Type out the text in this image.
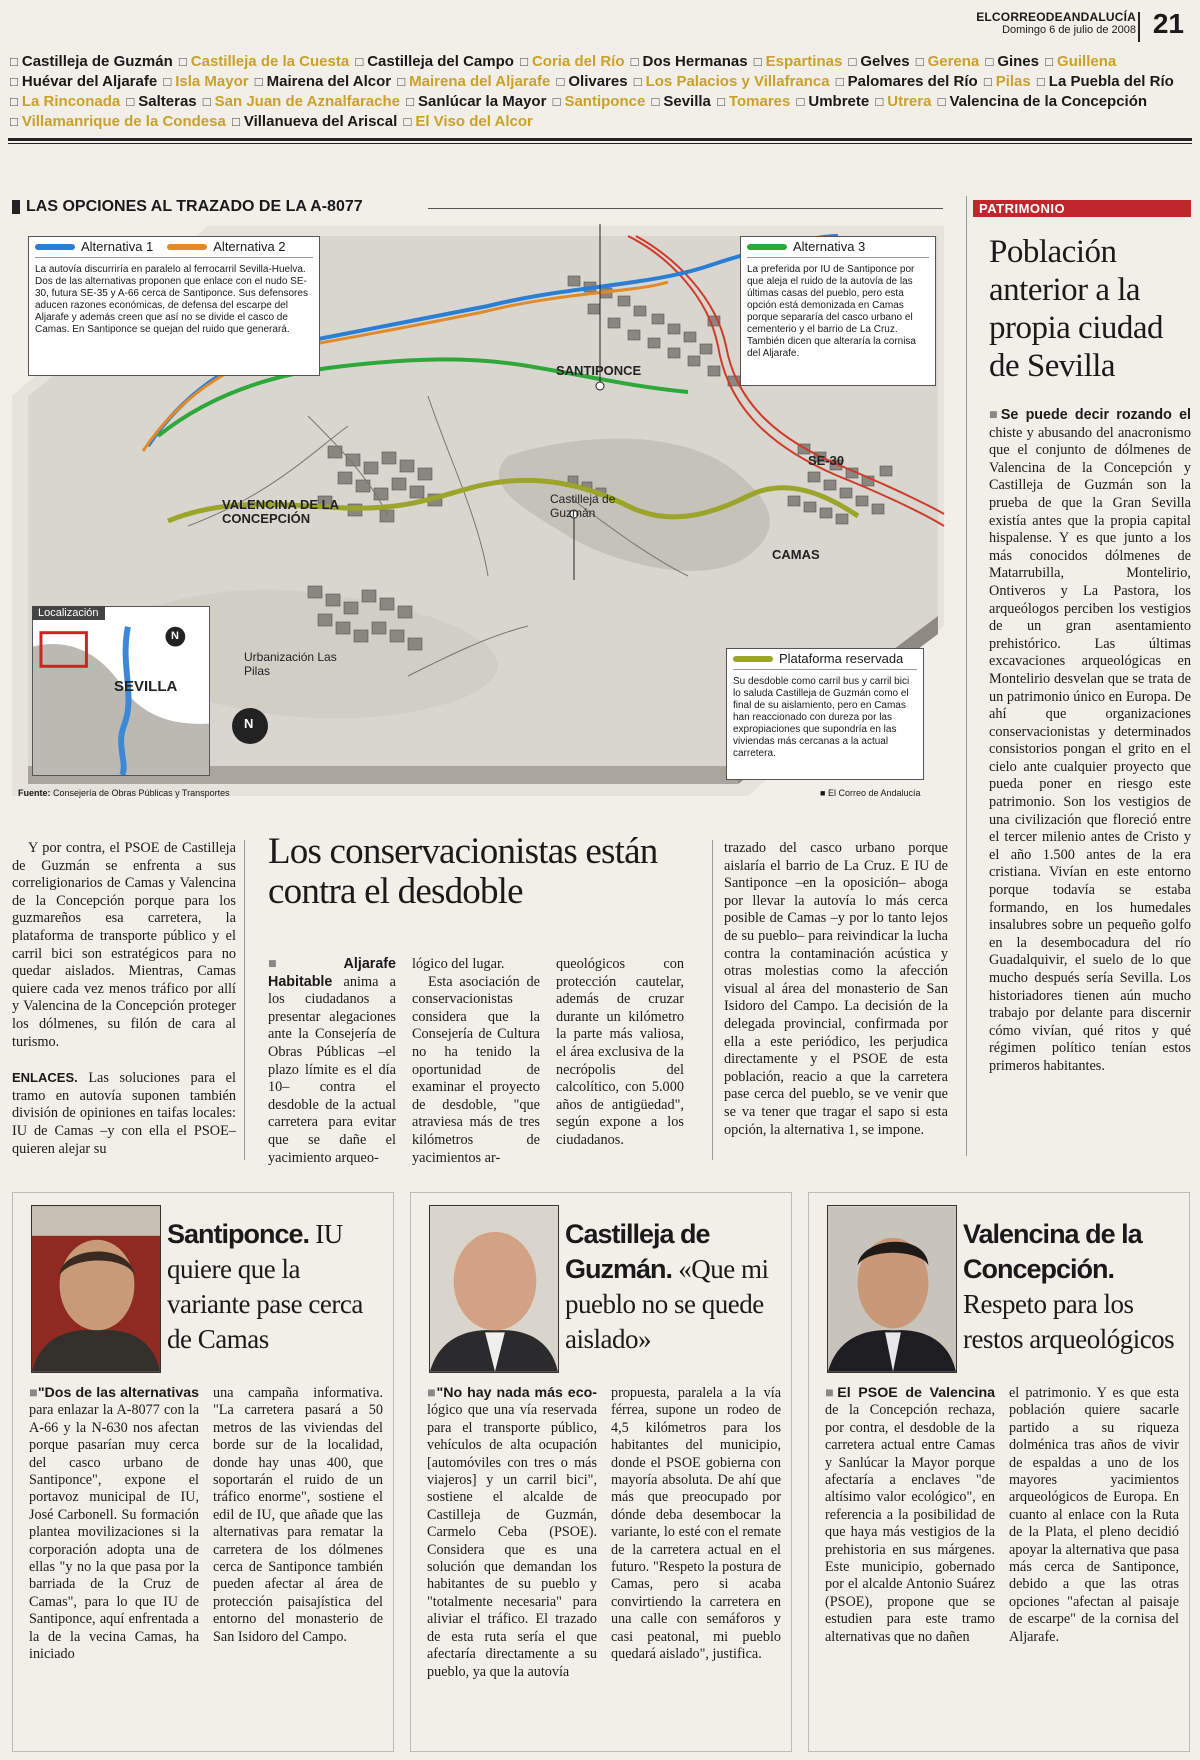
ELCORREODEANDALUCÍA
Domingo 6 de julio de 2008 21
□ Castilleja de Guzmán □ Castilleja de la Cuesta □ Castilleja del Campo □ Coria del Río □ Dos Hermanas □ Espartinas □ Gelves □ Gerena □ Gines □ Guillena □ Huévar del Aljarafe □ Isla Mayor □ Mairena del Alcor □ Mairena del Aljarafe □ Olivares □ Los Palacios y Villafranca □ Palomares del Río □ Pilas □ La Puebla del Río □ La Rinconada □ Salteras □ San Juan de Aznalfarache □ Sanlúcar la Mayor □ Santiponce □ Sevilla □ Tomares □ Umbrete □ Utrera □ Valencina de la Concepción □ Villamanrique de la Condesa □ Villanueva del Ariscal □ El Viso del Alcor
LAS OPCIONES AL TRAZADO DE LA A-8077
Alternativa 1	Alternativa 2
La autovía discurriría en paralelo al ferrocarril Sevilla-Huelva. Dos de las alternativas proponen que enlace con el nudo SE-30, futura SE-35 y A-66 cerca de Santiponce. Sus defensores aducen razones económicas, de defensa del escarpe del Aljarafe y además creen que así no se divide el casco de Camas. En Santiponce se quejan del ruido que generará.
Alternativa 3
La preferida por IU de Santiponce por que aleja el ruido de la autovía de las últimas casas del pueblo, pero esta opción está demonizada en Camas porque separaría del casco urbano el cementerio y el barrio de La Cruz. También dicen que alteraría la cornisa del Aljarafe.
Plataforma reservada
Su desdoble como carril bus y carril bici lo saluda Castilleja de Guzmán como el final de su aislamiento, pero en Camas han reaccionado con dureza por las expropiaciones que supondría en las viviendas más cercanas a la actual carretera.
SANTIPONCE
VALENCINA DE LA CONCEPCIÓN
Castilleja de Guzmán
CAMAS
SE-30
Urbanización Las Pilas
Localización
SEVILLA
N
N
Fuente: Consejería de Obras Públicas y Transportes	■ El Correo de Andalucía
PATRIMONIO
Población anterior a la propia ciudad de Sevilla
■ Se puede decir rozando el chiste y abusando del anacronismo que el conjunto de dólmenes de Valencina de la Concepción y Castilleja de Guzmán son la prueba de que la Gran Sevilla existía antes que la propia capital hispalense. Y es que junto a los más conocidos dólmenes de Matarrubilla, Montelirio, Ontiveros y La Pastora, los arqueólogos perciben los vestigios de un gran asentamiento prehistórico. Las últimas excavaciones arqueológicas en Montelirio desvelan que se trata de un patrimonio único en Europa. De ahí que organizaciones conservacionistas y determinados consistorios pongan el grito en el cielo ante cualquier proyecto que pueda poner en riesgo este patrimonio. Son los vestigios de una civilización que floreció entre el tercer milenio antes de Cristo y el año 1.500 antes de la era cristiana. Vivían en este entorno porque todavía se estaba formando, en los humedales insalubres sobre un pequeño golfo en la desembocadura del río Guadalquivir, el suelo de lo que mucho después sería Sevilla. Los historiadores tienen aún mucho trabajo por delante para discernir cómo vivían, qué ritos y qué régimen político tenían estos primeros habitantes.

Y por contra, el PSOE de Castilleja de Guzmán se enfrenta a sus correligionarios de Camas y Valencina de la Concepción porque para los guzmareños esa carretera, la plataforma de transporte público y el carril bici son estratégicos para no quedar aislados. Mientras, Camas quiere cada vez menos tráfico por allí y Valencina de la Concepción proteger los dólmenes, su filón de cara al turismo.

ENLACES. Las soluciones para el tramo en autovía suponen también división de opiniones en taifas locales: IU de Camas –y con ella el PSOE– quieren alejar su

Los conservacionistas están contra el desdoble

■ Aljarafe Habitable anima a los ciudadanos a presentar alegaciones ante la Consejería de Obras Públicas –el plazo límite es el día 10– contra el desdoble de la actual carretera para evitar que se dañe el yacimiento arqueo-

lógico del lugar.

Esta asociación de conservacionistas considera que la Consejería de Cultura no ha tenido la oportunidad de examinar el proyecto de desdoble, "que atraviesa más de tres kilómetros de yacimientos ar-

queológicos con protección cautelar, además de cruzar durante un kilómetro la parte más valiosa, el área exclusiva de la necrópolis del calcolítico, con 5.000 años de antigüedad", según expone a los ciudadanos.

trazado del casco urbano porque aislaría el barrio de La Cruz. E IU de Santiponce –en la oposición– aboga por llevar la autovía lo más cerca posible de Camas –y por lo tanto lejos de su pueblo– para reivindicar la lucha contra la contaminación acústica y otras molestias como la afección visual al área del monasterio de San Isidoro del Campo. La decisión de la delegada provincial, confirmada por ella a este periódico, les perjudica directamente y el PSOE de esta población, reacio a que la carretera pase cerca del pueblo, se ve venir que se va tener que tragar el sapo si esta opción, la alternativa 1, se impone.

Santiponce. IU quiere que la variante pase cerca de Camas
■ "Dos de las alternativas para enlazar la A-8077 con la A-66 y la N-630 nos afectan porque pasarían muy cerca del casco urbano de Santiponce", expone el portavoz municipal de IU, José Carbonell. Su formación plantea movilizaciones si la corporación adopta una de ellas "y no la que pasa por la barriada de la Cruz de Camas", para lo que IU de Santiponce, aquí enfrentada a la de la vecina Camas, ha iniciado
una campaña informativa. "La carretera pasará a 50 metros de las viviendas del borde sur de la localidad, donde hay unas 400, que soportarán el ruido de un tráfico enorme", sostiene el edil de IU, que añade que las alternativas para rematar la carretera de los dólmenes cerca de Santiponce también pueden afectar al área de protección paisajística del entorno del monasterio de San Isidoro del Campo.
Castilleja de Guzmán. «Que mi pueblo no se quede aislado»
■ "No hay nada más eco-lógico que una vía reservada para el transporte público, vehículos de alta ocupación [automóviles con tres o más viajeros] y un carril bici", sostiene el alcalde de Castilleja de Guzmán, Carmelo Ceba (PSOE). Considera que es una solución que demandan los habitantes de su pueblo y "totalmente necesaria" para aliviar el tráfico. El trazado de esta ruta sería el que afectaría directamente a su pueblo, ya que la autovía
propuesta, paralela a la vía férrea, supone un rodeo de 4,5 kilómetros para los habitantes del municipio, donde el PSOE gobierna con mayoría absoluta. De ahí que más que preocupado por dónde deba desembocar la variante, lo esté con el remate de la carretera actual en el futuro. "Respeto la postura de Camas, pero si acaba convirtiendo la carretera en una calle con semáforos y casi peatonal, mi pueblo quedará aislado", justifica.
Valencina de la Concepción. Respeto para los restos arqueológicos
■ El PSOE de Valencina de la Concepción rechaza, por contra, el desdoble de la carretera actual entre Camas y Sanlúcar la Mayor porque afectaría a enclaves "de altísimo valor ecológico", en referencia a la posibilidad de que haya más vestigios de la prehistoria en sus márgenes. Este municipio, gobernado por el alcalde Antonio Suárez (PSOE), propone que se estudien para este tramo alternativas que no dañen
el patrimonio. Y es que esta población quiere sacarle partido a su riqueza dolménica tras años de vivir de espaldas a uno de los mayores yacimientos arqueológicos de Europa. En cuanto al enlace con la Ruta de la Plata, el pleno decidió apoyar la alternativa que pasa más cerca de Santiponce, debido a que las otras opciones "afectan al paisaje de escarpe" de la cornisa del Aljarafe.
